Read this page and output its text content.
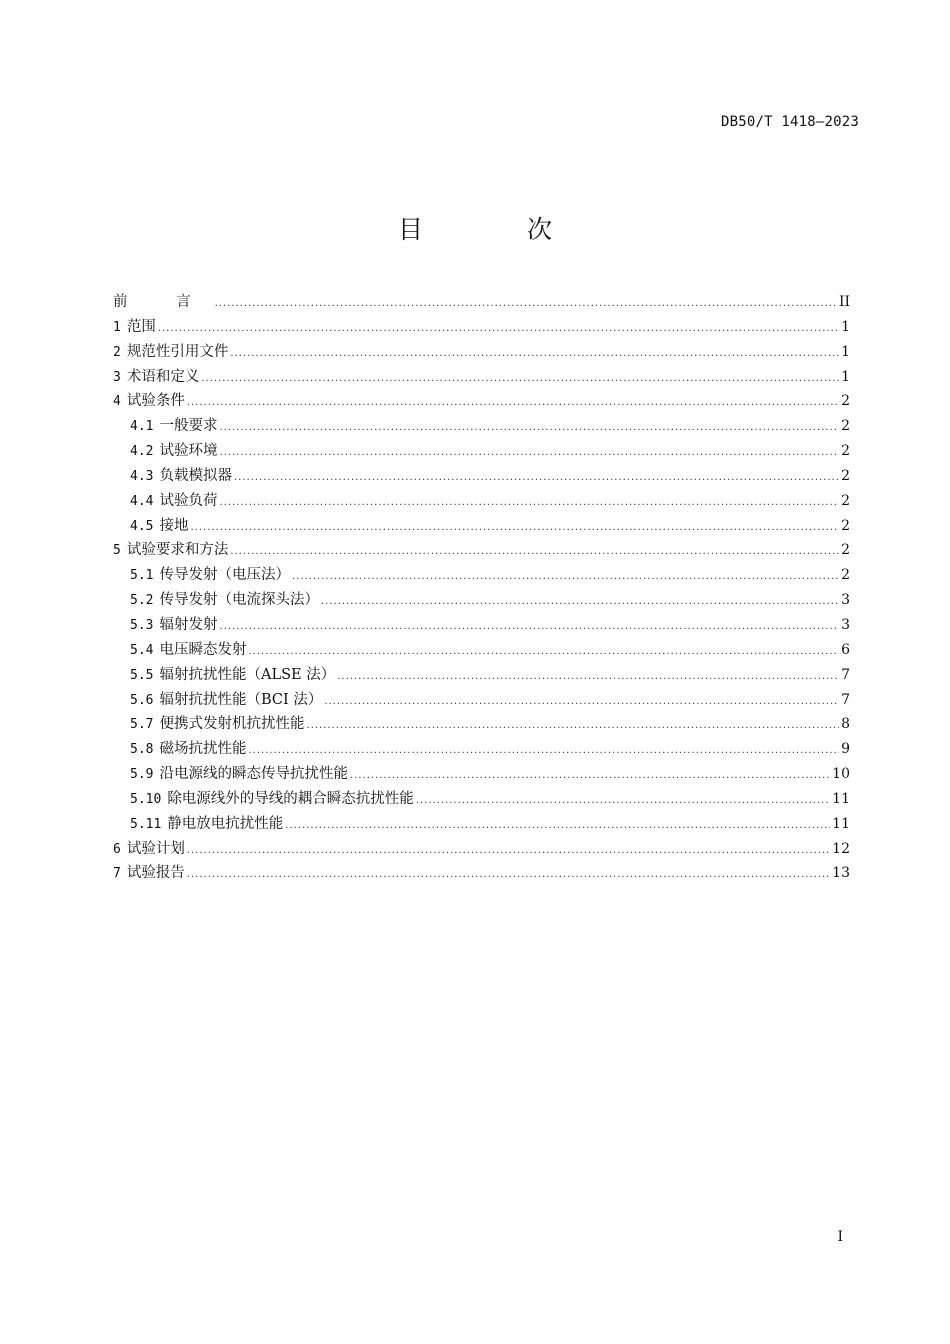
DB50/T 1418—2023
目 次
前 言 .....	II
1 范围 .....	1
2 规范性引用文件 .....	1
3 术语和定义 .....	1
4 试验条件 .....	2
4.1 一般要求 .....	2
4.2 试验环境 .....	2
4.3 负载模拟器 .....	2
4.4 试验负荷 .....	2
4.5 接地 .....	2
5 试验要求和方法 .....	2
5.1 传导发射（电压法） .....	2
5.2 传导发射（电流探头法） .....	3
5.3 辐射发射 .....	3
5.4 电压瞬态发射 .....	6
5.5 辐射抗扰性能（ALSE 法） .....	7
5.6 辐射抗扰性能（BCI 法） .....	7
5.7 便携式发射机抗扰性能 .....	8
5.8 磁场抗扰性能 .....	9
5.9 沿电源线的瞬态传导抗扰性能 .....	10
5.10 除电源线外的导线的耦合瞬态抗扰性能 .....	11
5.11 静电放电抗扰性能 .....	11
6 试验计划 .....	12
7 试验报告 .....	13
I
